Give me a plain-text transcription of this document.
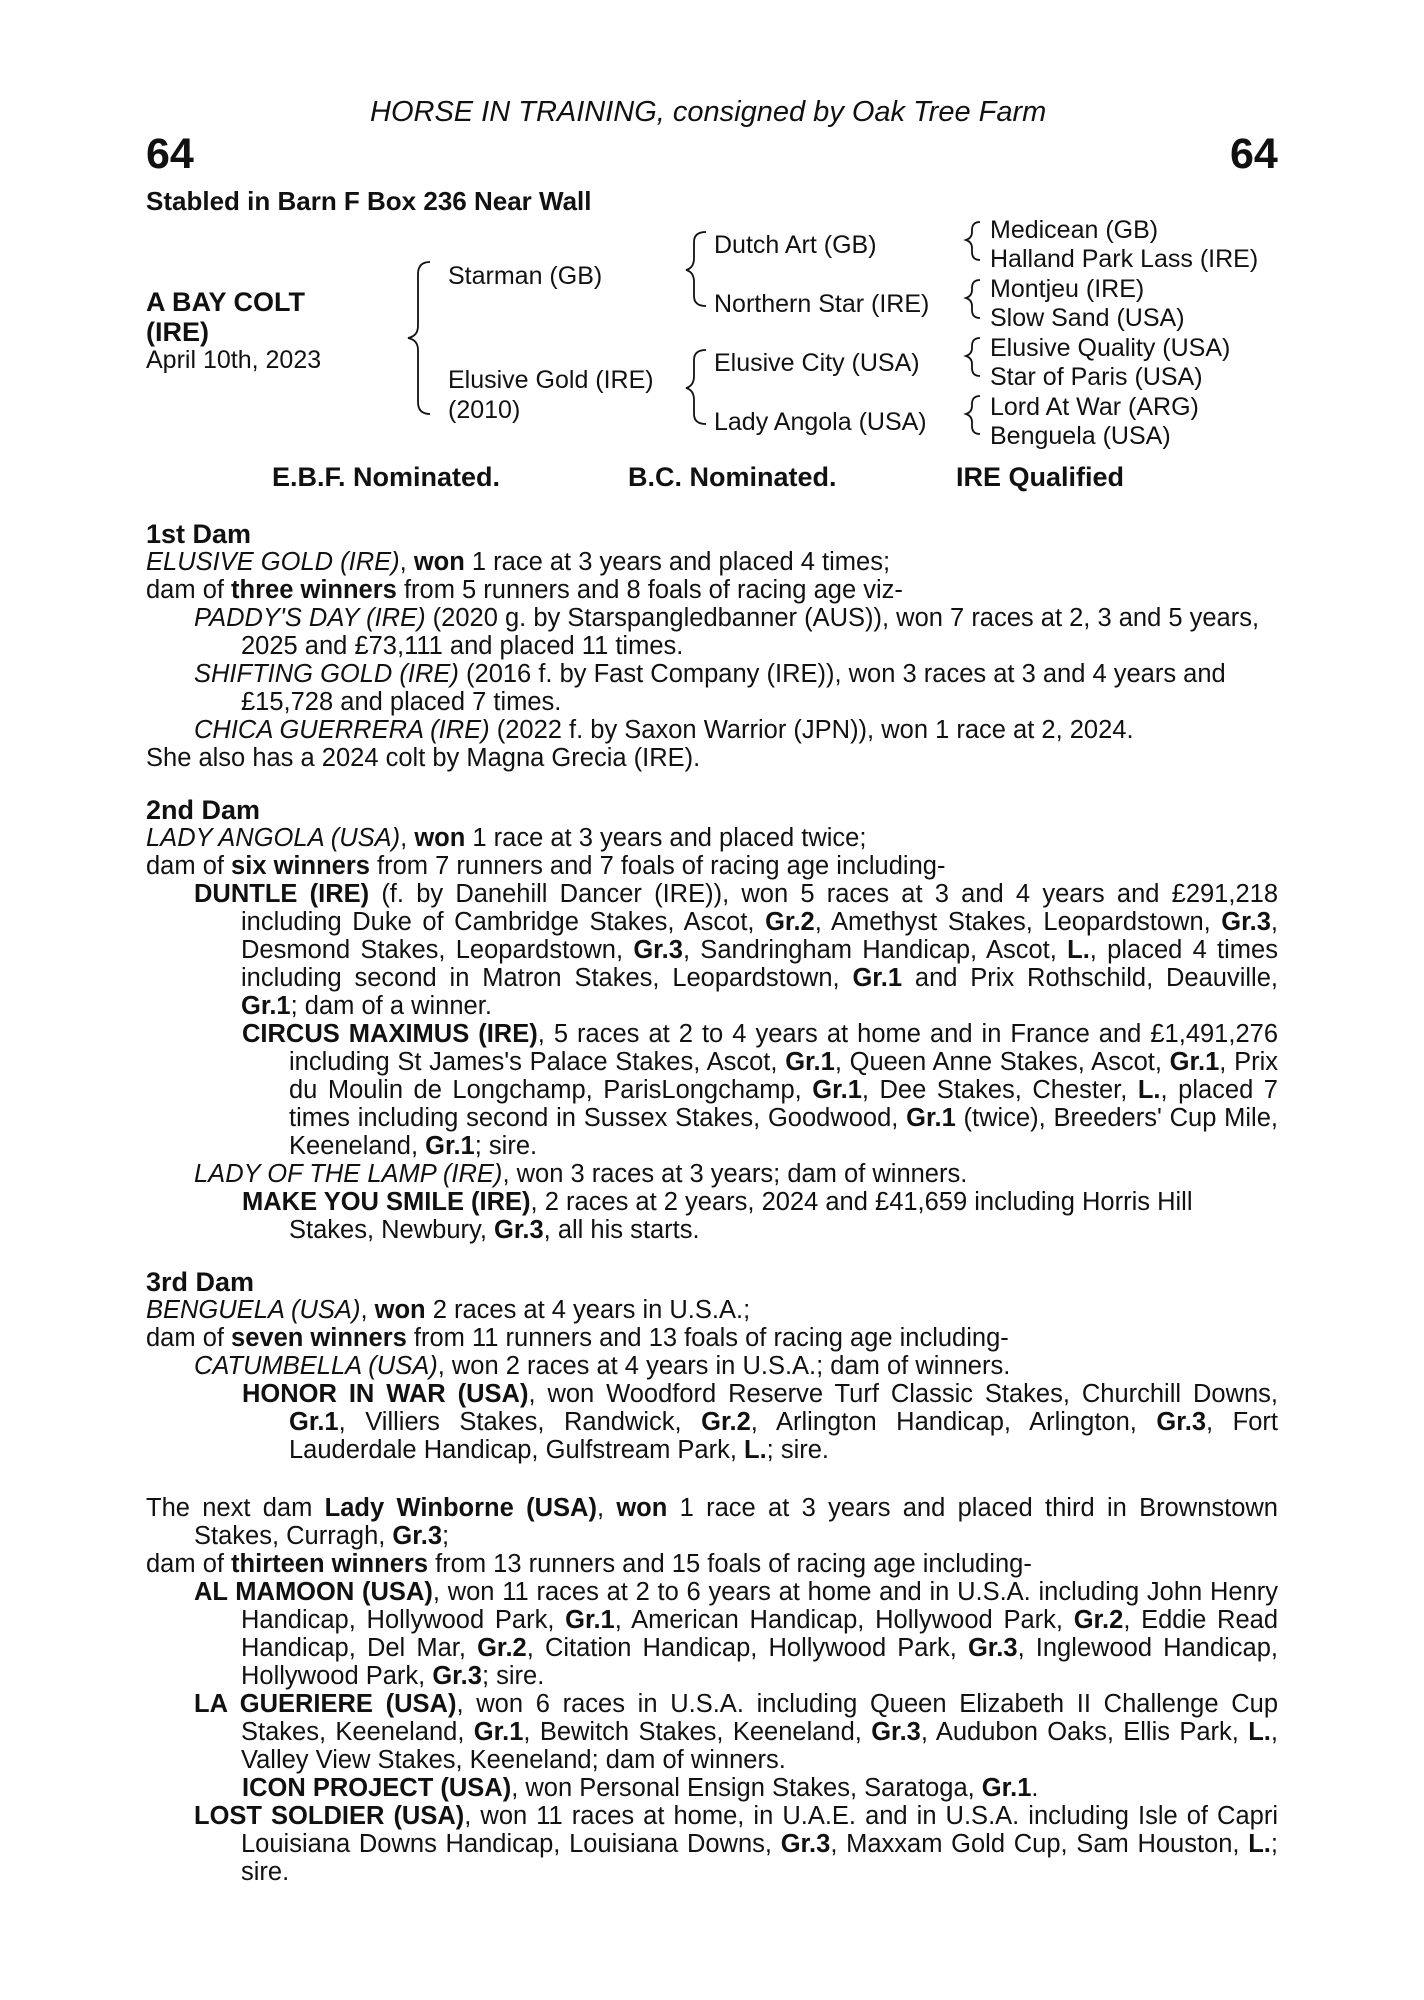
HORSE IN TRAINING, consigned by Oak Tree Farm
64	64
Stabled in Barn F Box 236 Near Wall
A BAY COLT
(IRE)
April 10th, 2023
Starman (GB)
Elusive Gold (IRE)
(2010)
Dutch Art (GB)
Northern Star (IRE)
Elusive City (USA)
Lady Angola (USA)
Medicean (GB)
Halland Park Lass (IRE)
Montjeu (IRE)
Slow Sand (USA)
Elusive Quality (USA)
Star of Paris (USA)
Lord At War (ARG)
Benguela (USA)
E.B.F. Nominated.	B.C. Nominated.	IRE Qualified
1st Dam

ELUSIVE GOLD (IRE), won 1 race at 3 years and placed 4 times;

dam of three winners from 5 runners and 8 foals of racing age viz-

PADDY'S DAY (IRE) (2020 g. by Starspangledbanner (AUS)), won 7 races at 2, 3 and 5 years, 2025 and £73,111 and placed 11 times.

SHIFTING GOLD (IRE) (2016 f. by Fast Company (IRE)), won 3 races at 3 and 4 years and £15,728 and placed 7 times.

CHICA GUERRERA (IRE) (2022 f. by Saxon Warrior (JPN)), won 1 race at 2, 2024.

She also has a 2024 colt by Magna Grecia (IRE).

2nd Dam

LADY ANGOLA (USA), won 1 race at 3 years and placed twice;

dam of six winners from 7 runners and 7 foals of racing age including-

DUNTLE (IRE) (f. by Danehill Dancer (IRE)), won 5 races at 3 and 4 years and £291,218 including Duke of Cambridge Stakes, Ascot, Gr.2, Amethyst Stakes, Leopardstown, Gr.3, Desmond Stakes, Leopardstown, Gr.3, Sandringham Handicap, Ascot, L., placed 4 times including second in Matron Stakes, Leopardstown, Gr.1 and Prix Rothschild, Deauville, Gr.1; dam of a winner.

CIRCUS MAXIMUS (IRE), 5 races at 2 to 4 years at home and in France and £1,491,276 including St James's Palace Stakes, Ascot, Gr.1, Queen Anne Stakes, Ascot, Gr.1, Prix du Moulin de Longchamp, ParisLongchamp, Gr.1, Dee Stakes, Chester, L., placed 7 times including second in Sussex Stakes, Goodwood, Gr.1 (twice), Breeders' Cup Mile, Keeneland, Gr.1; sire.

LADY OF THE LAMP (IRE), won 3 races at 3 years; dam of winners.

MAKE YOU SMILE (IRE), 2 races at 2 years, 2024 and £41,659 including Horris Hill Stakes, Newbury, Gr.3, all his starts.

3rd Dam

BENGUELA (USA), won 2 races at 4 years in U.S.A.;

dam of seven winners from 11 runners and 13 foals of racing age including-

CATUMBELLA (USA), won 2 races at 4 years in U.S.A.; dam of winners.

HONOR IN WAR (USA), won Woodford Reserve Turf Classic Stakes, Churchill Downs, Gr.1, Villiers Stakes, Randwick, Gr.2, Arlington Handicap, Arlington, Gr.3, Fort Lauderdale Handicap, Gulfstream Park, L.; sire.

The next dam Lady Winborne (USA), won 1 race at 3 years and placed third in Brownstown Stakes, Curragh, Gr.3;

dam of thirteen winners from 13 runners and 15 foals of racing age including-

AL MAMOON (USA), won 11 races at 2 to 6 years at home and in U.S.A. including John Henry Handicap, Hollywood Park, Gr.1, American Handicap, Hollywood Park, Gr.2, Eddie Read Handicap, Del Mar, Gr.2, Citation Handicap, Hollywood Park, Gr.3, Inglewood Handicap, Hollywood Park, Gr.3; sire.

LA GUERIERE (USA), won 6 races in U.S.A. including Queen Elizabeth II Challenge Cup Stakes, Keeneland, Gr.1, Bewitch Stakes, Keeneland, Gr.3, Audubon Oaks, Ellis Park, L., Valley View Stakes, Keeneland; dam of winners.

ICON PROJECT (USA), won Personal Ensign Stakes, Saratoga, Gr.1.

LOST SOLDIER (USA), won 11 races at home, in U.A.E. and in U.S.A. including Isle of Capri Louisiana Downs Handicap, Louisiana Downs, Gr.3, Maxxam Gold Cup, Sam Houston, L.; sire.
